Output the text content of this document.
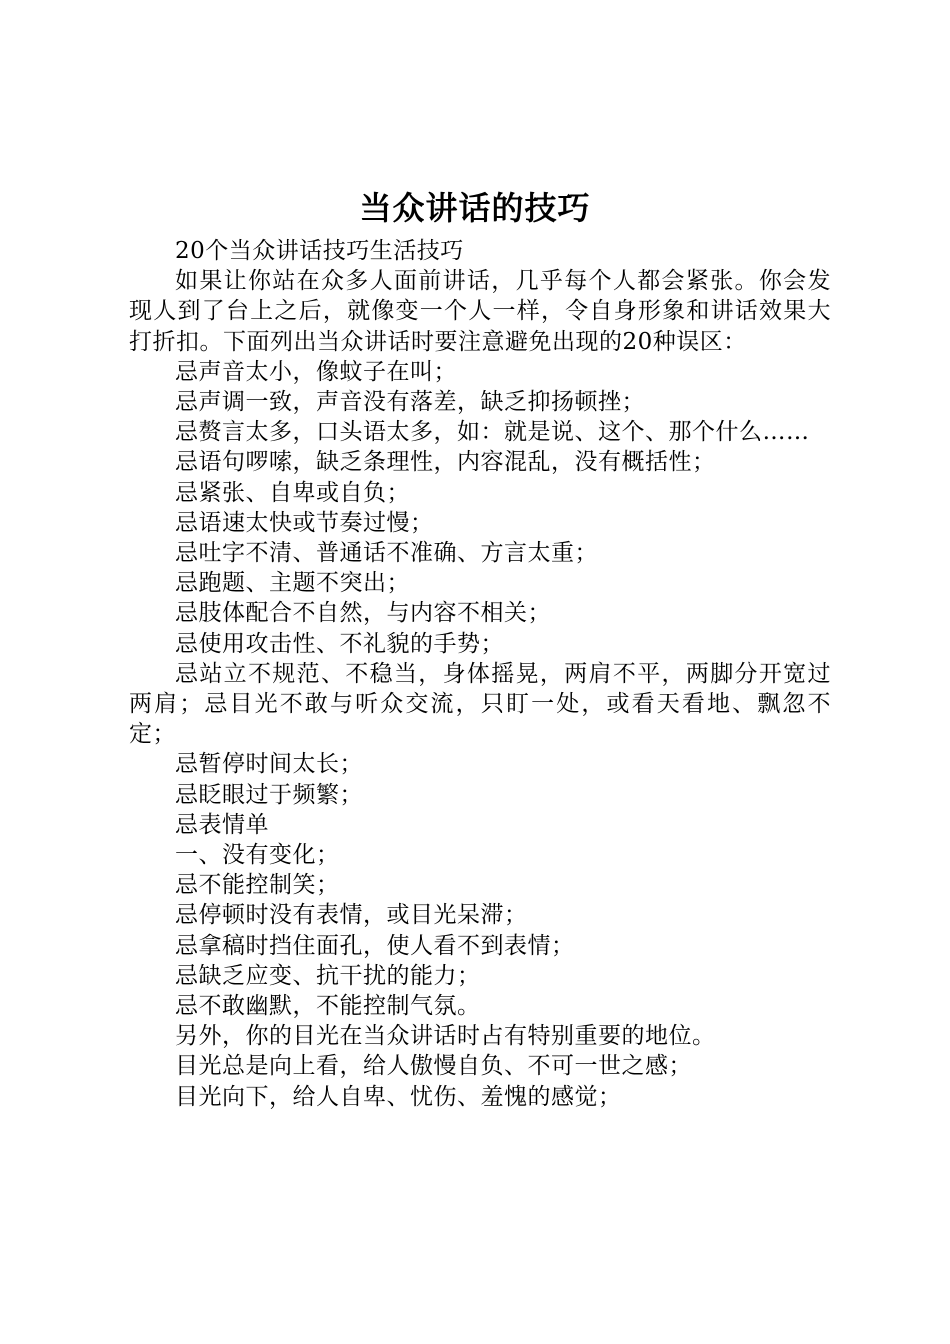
当众讲话的技巧

20个当众讲话技巧生活技巧

如果让你站在众多人面前讲话，几乎每个人都会紧张。你会发现人到了台上之后，就像变一个人一样，令自身形象和讲话效果大打折扣。下面列出当众讲话时要注意避免出现的20种误区：

忌声音太小，像蚊子在叫；

忌声调一致，声音没有落差，缺乏抑扬顿挫；

忌赘言太多，口头语太多，如：就是说、这个、那个什么……

忌语句啰嗦，缺乏条理性，内容混乱，没有概括性；

忌紧张、自卑或自负；

忌语速太快或节奏过慢；

忌吐字不清、普通话不准确、方言太重；

忌跑题、主题不突出；

忌肢体配合不自然，与内容不相关；

忌使用攻击性、不礼貌的手势；

忌站立不规范、不稳当，身体摇晃，两肩不平，两脚分开宽过两肩；忌目光不敢与听众交流，只盯一处，或看天看地、飘忽不定；

忌暂停时间太长；

忌眨眼过于频繁；

忌表情单

一、没有变化；

忌不能控制笑；

忌停顿时没有表情，或目光呆滞；

忌拿稿时挡住面孔，使人看不到表情；

忌缺乏应变、抗干扰的能力；

忌不敢幽默，不能控制气氛。

另外，你的目光在当众讲话时占有特别重要的地位。

目光总是向上看，给人傲慢自负、不可一世之感；

目光向下，给人自卑、忧伤、羞愧的感觉；
